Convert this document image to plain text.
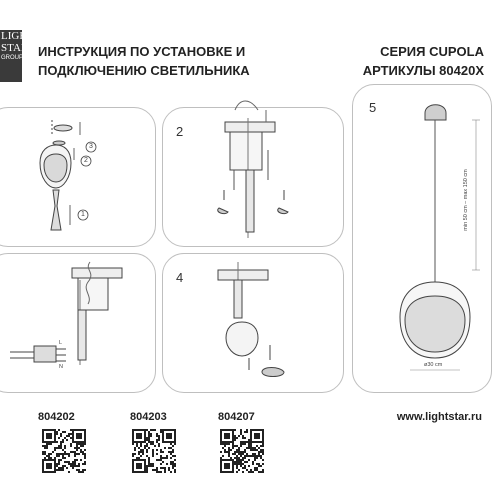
LIGHT
STAR
GROUP ИНСТРУКЦИЯ ПО УСТАНОВКЕ И
ПОДКЛЮЧЕНИЮ СВЕТИЛЬНИКА
СЕРИЯ CUPOLA
АРТИКУЛЫ 80420Х
2
4
5
3
2
1	min 50 cm – max 150 cm
ø30 cm
L
N
804202	804203	804207	www.lightstar.ru
